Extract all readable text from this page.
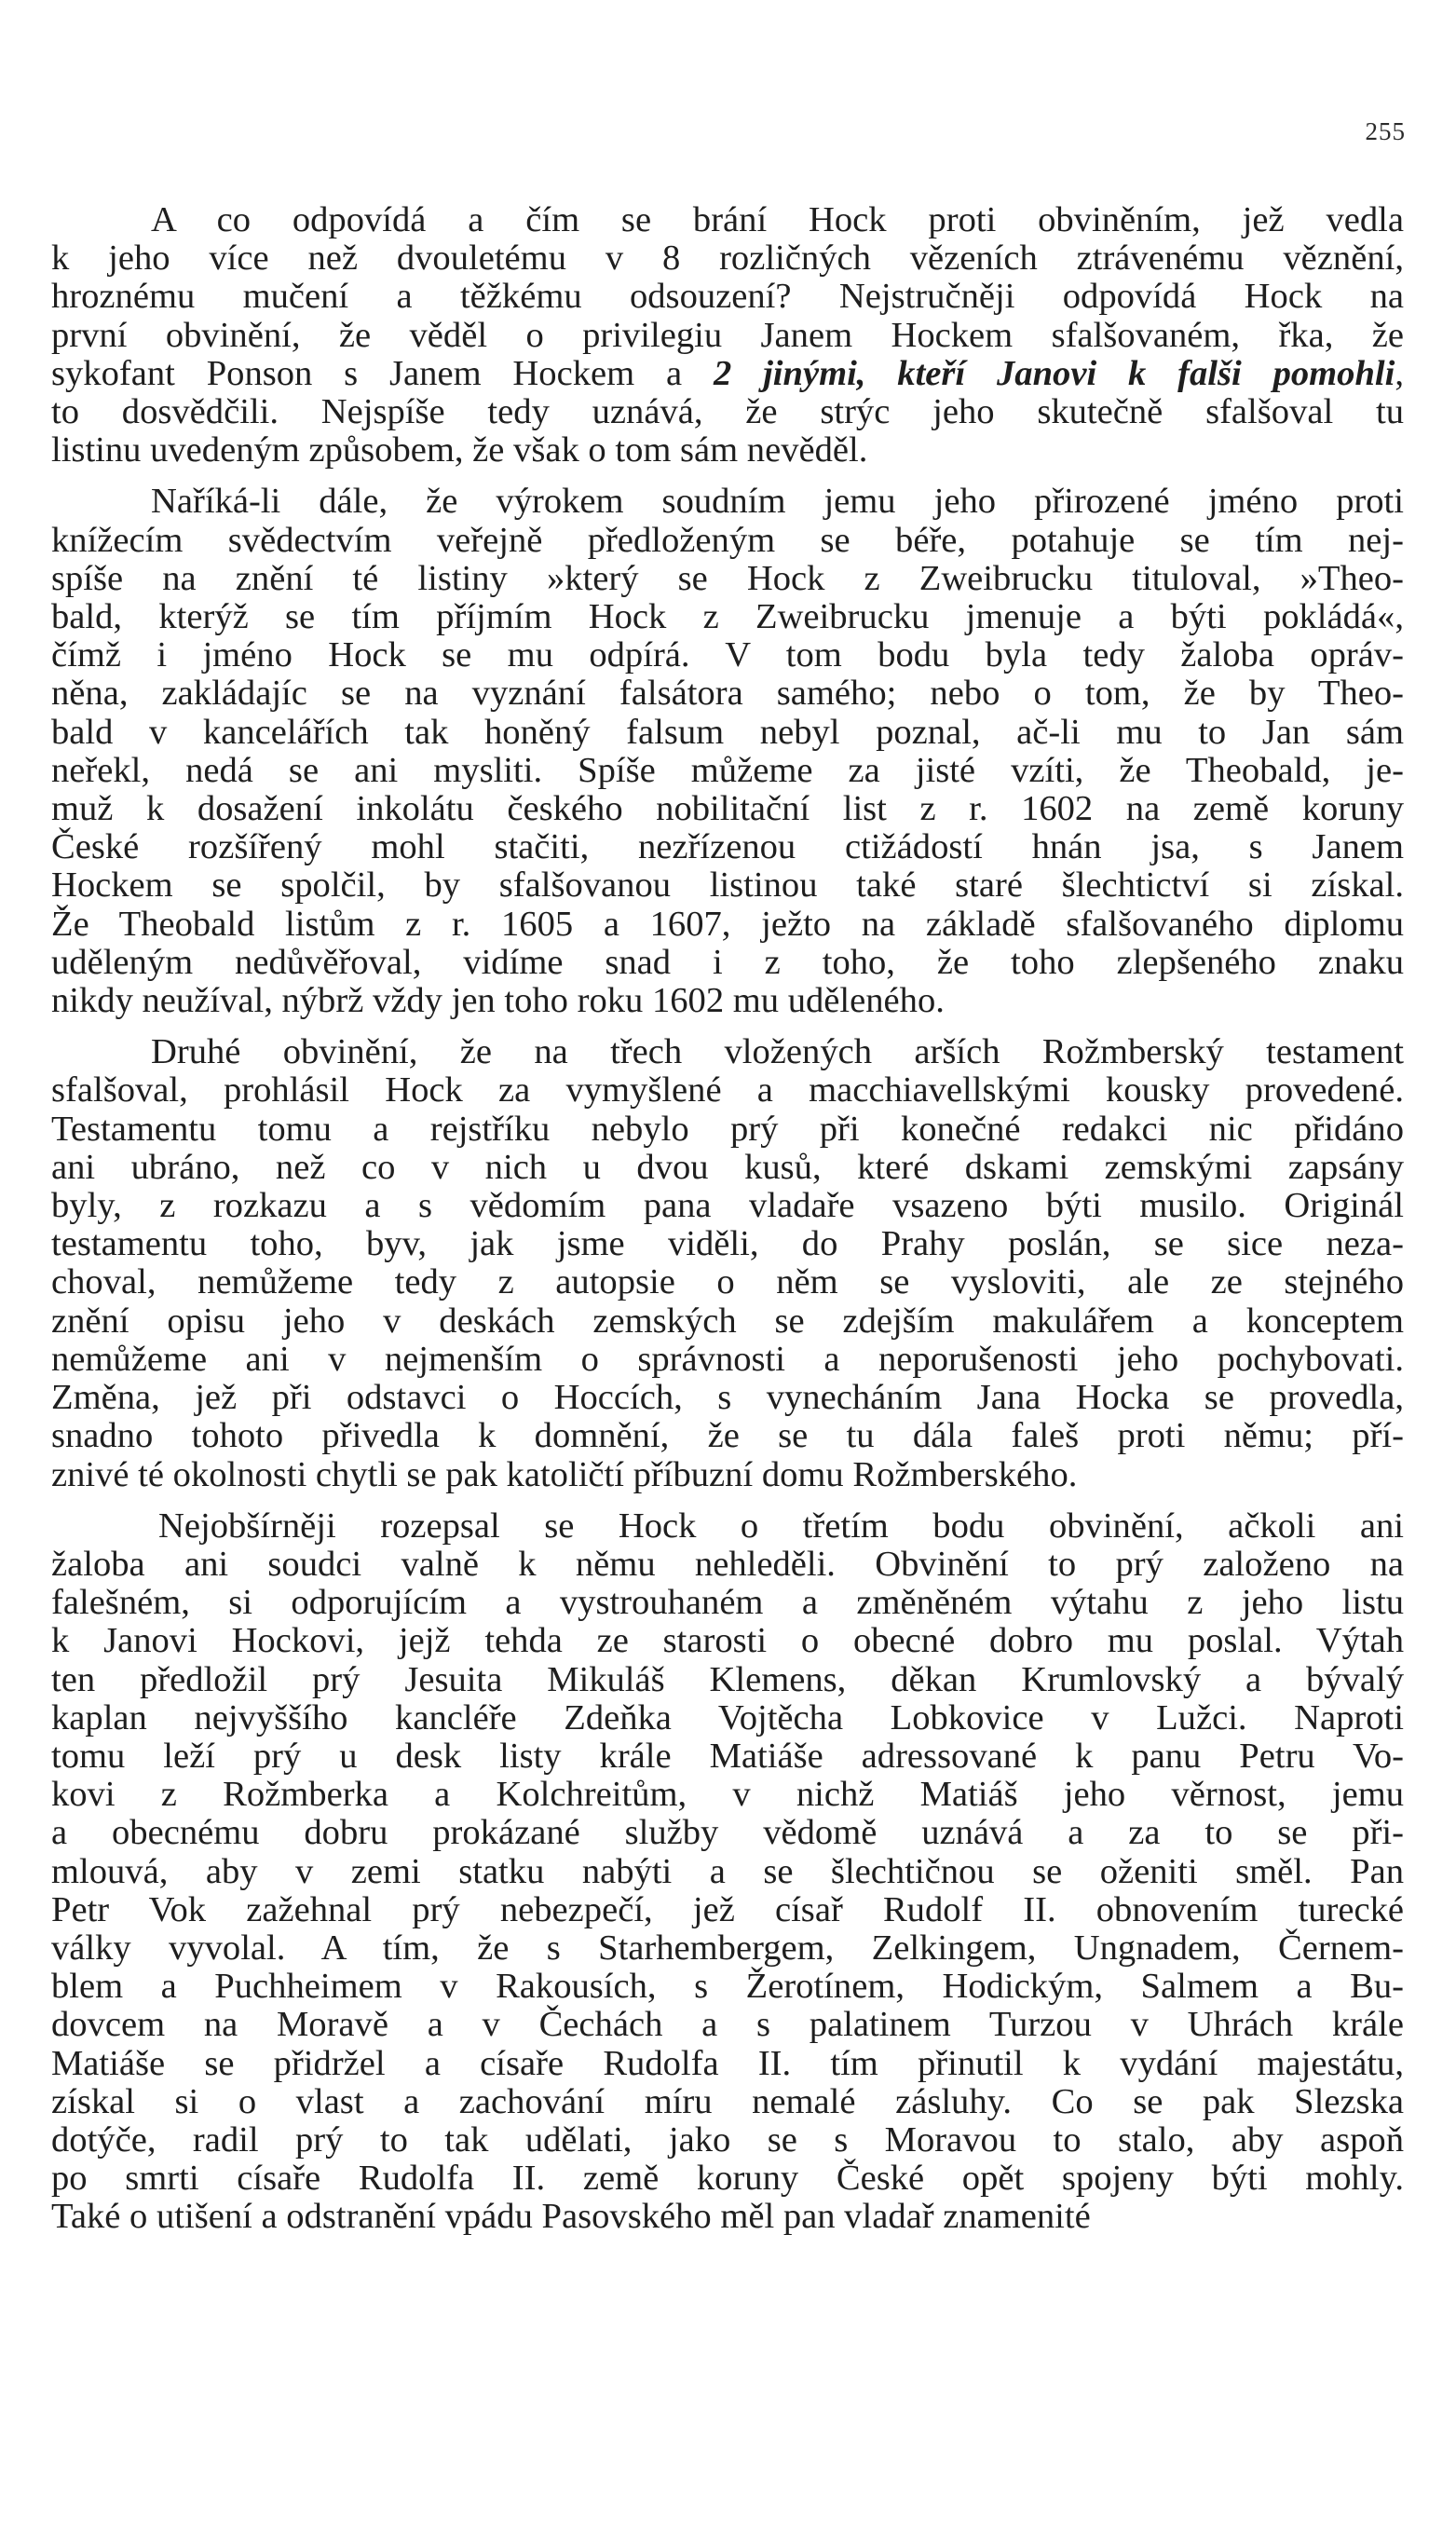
255
A co odpovídá a čím se brání Hock proti obviněním, jež vedla
k jeho více než dvouletému v 8 rozličných vězeních ztrávenému věznění,
hroznému mučení a těžkému odsouzení? Nejstručněji odpovídá Hock na
první obvinění, že věděl o privilegiu Janem Hockem sfalšovaném, řka, že
sykofant Ponson s Janem Hockem a 2 jinými, kteří Janovi k falši pomohli,
to dosvědčili. Nejspíše tedy uznává, že strýc jeho skutečně sfalšoval tu
listinu uvedeným způsobem, že však o tom sám nevěděl.
Naříká-li dále, že výrokem soudním jemu jeho přirozené jméno proti
knížecím svědectvím veřejně předloženým se béře, potahuje se tím nej-
spíše na znění té listiny »který se Hock z Zweibrucku tituloval, »Theo-
bald, kterýž se tím příjmím Hock z Zweibrucku jmenuje a býti pokládá«,
čímž i jméno Hock se mu odpírá. V tom bodu byla tedy žaloba opráv-
něna, zakládajíc se na vyznání falsátora samého; nebo o tom, že by Theo-
bald v kancelářích tak honěný falsum nebyl poznal, ač-li mu to Jan sám
neřekl, nedá se ani mysliti. Spíše můžeme za jisté vzíti, že Theobald, je-
muž k dosažení inkolátu českého nobilitační list z r. 1602 na země koruny
České rozšířený mohl stačiti, nezřízenou ctižádostí hnán jsa, s Janem
Hockem se spolčil, by sfalšovanou listinou také staré šlechtictví si získal.
Že Theobald listům z r. 1605 a 1607, ježto na základě sfalšovaného diplomu
uděleným nedůvěřoval, vidíme snad i z toho, že toho zlepšeného znaku
nikdy neužíval, nýbrž vždy jen toho roku 1602 mu uděleného.
Druhé obvinění, že na třech vložených arších Rožmberský testament
sfalšoval, prohlásil Hock za vymyšlené a macchiavellskými kousky provedené.
Testamentu tomu a rejstříku nebylo prý při konečné redakci nic přidáno
ani ubráno, než co v nich u dvou kusů, které dskami zemskými zapsány
byly, z rozkazu a s vědomím pana vladaře vsazeno býti musilo. Originál
testamentu toho, byv, jak jsme viděli, do Prahy poslán, se sice neza-
choval, nemůžeme tedy z autopsie o něm se vysloviti, ale ze stejného
znění opisu jeho v deskách zemských se zdejším makulářem a konceptem
nemůžeme ani v nejmenším o správnosti a neporušenosti jeho pochybovati.
Změna, jež při odstavci o Hoccích, s vynecháním Jana Hocka se provedla,
snadno tohoto přivedla k domnění, že se tu dála faleš proti němu; pří-
znivé té okolnosti chytli se pak katoličtí příbuzní domu Rožmberského.
Nejobšírněji rozepsal se Hock o třetím bodu obvinění, ačkoli ani
žaloba ani soudci valně k němu nehleděli. Obvinění to prý založeno na
falešném, si odporujícím a vystrouhaném a změněném výtahu z jeho listu
k Janovi Hockovi, jejž tehda ze starosti o obecné dobro mu poslal. Výtah
ten předložil prý Jesuita Mikuláš Klemens, děkan Krumlovský a bývalý
kaplan nejvyššího kancléře Zdeňka Vojtěcha Lobkovice v Lužci. Naproti
tomu leží prý u desk listy krále Matiáše adressované k panu Petru Vo-
kovi z Rožmberka a Kolchreitům, v nichž Matiáš jeho věrnost, jemu
a obecnému dobru prokázané služby vědomě uznává a za to se při-
mlouvá, aby v zemi statku nabýti a se šlechtičnou se oženiti směl. Pan
Petr Vok zažehnal prý nebezpečí, jež císař Rudolf II. obnovením turecké
války vyvolal. A tím, že s Starhembergem, Zelkingem, Ungnadem, Černem-
blem a Puchheimem v Rakousích, s Žerotínem, Hodickým, Salmem a Bu-
dovcem na Moravě a v Čechách a s palatinem Turzou v Uhrách krále
Matiáše se přidržel a císaře Rudolfa II. tím přinutil k vydání majestátu,
získal si o vlast a zachování míru nemalé zásluhy. Co se pak Slezska
dotýče, radil prý to tak udělati, jako se s Moravou to stalo, aby aspoň
po smrti císaře Rudolfa II. země koruny České opět spojeny býti mohly.
Také o utišení a odstranění vpádu Pasovského měl pan vladař znamenité
